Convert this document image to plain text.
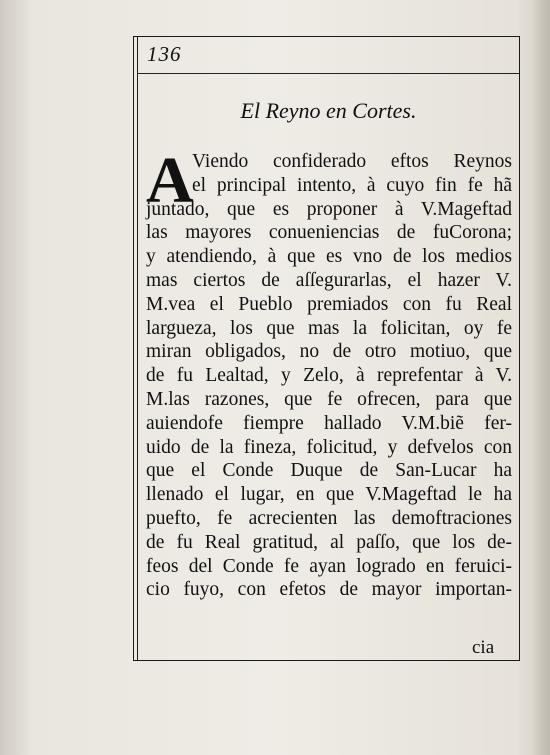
136
El Reyno en Cortes.
A
Viendo confiderado eftos Reynos
el principal intento, à cuyo fin fe hã
juntado, que es proponer à V.Mageftad
las mayores conueniencias de fuCorona;
y atendiendo, à que es vno de los medios
mas ciertos de aſſegurarlas, el hazer V.
M.vea el Pueblo premiados con fu Real
largueza, los que mas la folicitan, oy fe
miran obligados, no de otro motiuo, que
de fu Lealtad, y Zelo, à reprefentar à V.
M.las razones, que fe ofrecen, para que
auiendofe fiempre hallado V.M.biẽ fer-
uido de la fineza, folicitud, y defvelos con
que el Conde Duque de San-Lucar ha
llenado el lugar, en que V.Mageftad le ha
puefto, fe acrecienten las demoftraciones
de fu Real gratitud, al paſſo, que los de-
feos del Conde fe ayan logrado en feruici-
cio fuyo, con efetos de mayor importan-
cia
